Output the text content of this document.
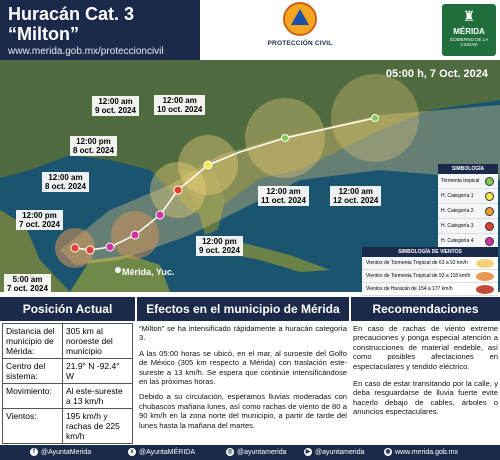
Huracán Cat. 3
“Milton”
www.merida.gob.mx/proteccioncivil
PROTECCIÓN CIVIL
♜
MÉRIDA
GOBIERNO DE LA CIUDAD
05:00 h, 7 Oct. 2024
5:00 am
7 oct. 2024
12:00 pm
7 oct. 2024
12:00 am
8 oct. 2024
12:00 pm
8 oct. 2024
12:00 am
9 oct. 2024
12:00 am
10 oct. 2024
12:00 pm
9 oct. 2024
12:00 am
11 oct. 2024
12:00 am
12 oct. 2024
Mérida, Yuc.
SIMBOLOGÍA
Tormenta tropical
H. Categoría 1
H. Categoría 2
H. Categoría 3
H. Categoría 4
SIMBOLOGÍA DE VIENTOS
Vientos de Tormenta Tropical de 63 a 92 km/h
Vientos de Tormenta Tropical de 93 a 118 km/h
Vientos de Huracán de 154 a 177 km/h
Posición Actual	Efectos en el municipio de Mérida	Recomendaciones
Distancia del municipio de Mérida:	305 km al noroeste del municipio
Centro del sistema:	21.9° N -92.4° W
Movimiento:	Al este-sureste a 13 km/h
Vientos:	195 km/h y rachas de 225 km/h

“Milton” se ha intensificado rápidamente a huracán categoría 3.

A las 05:00 horas se ubicó, en el mar, al suroeste del Golfo de México (305 km respecto a Mérida) con traslación este-sureste a 13 km/h. Se espera que continúe intensificándose en las próximas horas.

Debido a su circulación, esperamos lluvias moderadas con chubascos mañana lunes, así como rachas de viento de 80 a 90 km/h en la zona norte del municipio, a partir de tarde del lunes hasta la mañana del martes.

En caso de rachas de viento extreme precauciones y ponga especial atención a construcciones de material endeble, así como posibles afectaciones en espectaculares y tendido eléctrico.

En caso de estar transitando por la calle, y deba resguardarse de lluvia fuerte evite hacerlo debajo de cables, árboles o anuncios espectaculares.

f @AyuntaMerida	x @AyuntaMÉRIDA	◎ @ayuntamerida	▶ @ayuntamerida	◉ www.merida.gob.mx
